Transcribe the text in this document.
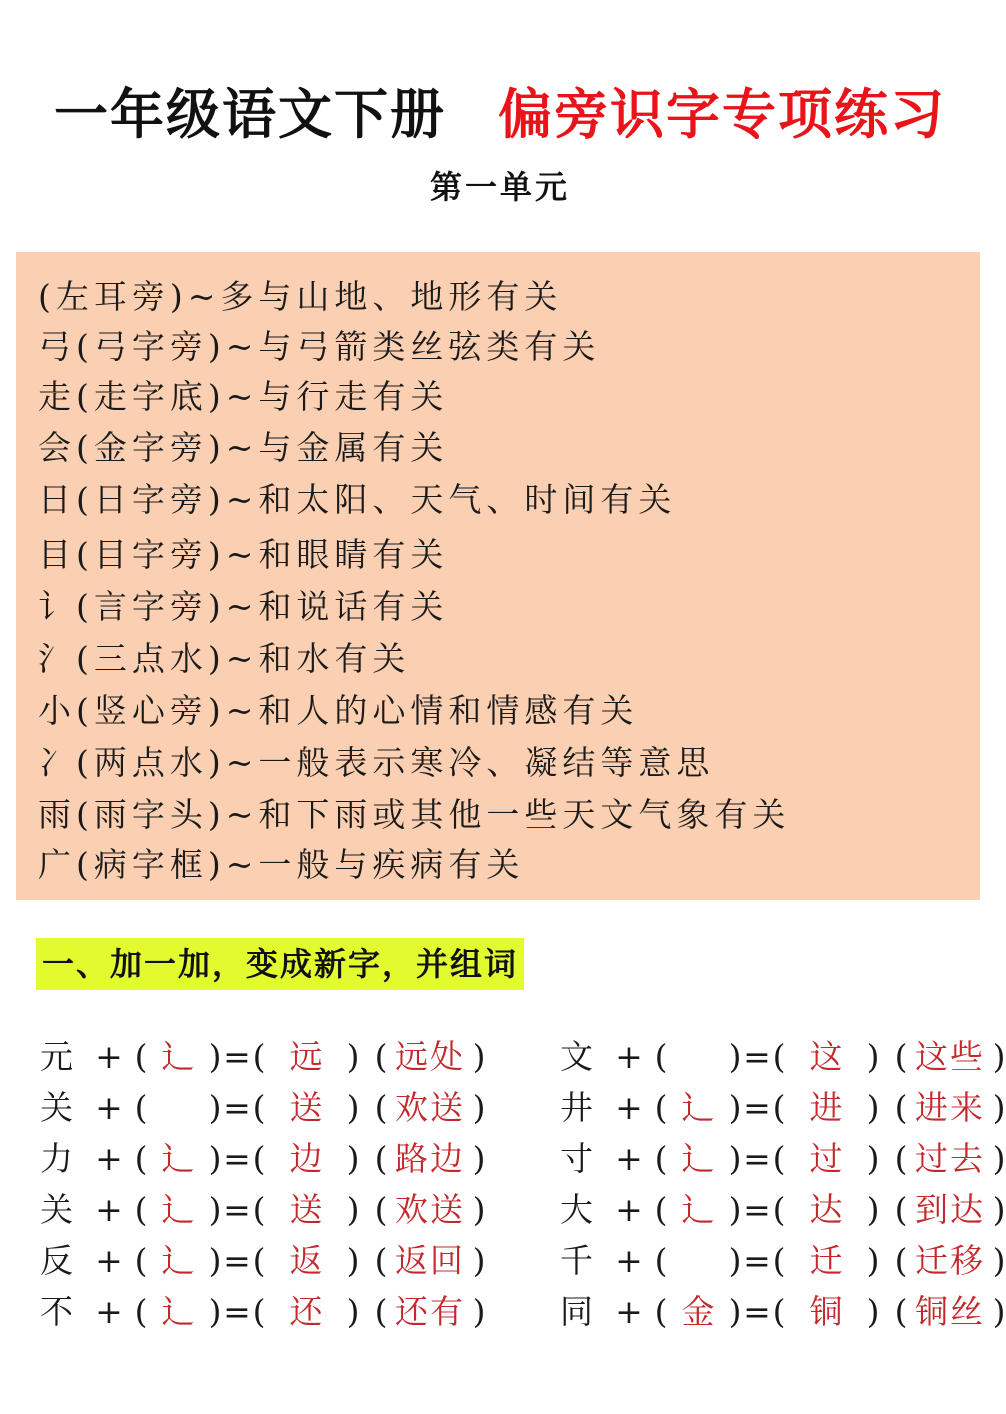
一年级语文下册 偏旁识字专项练习
第一单元
(左耳旁)~多与山地、地形有关
弓(弓字旁)~与弓箭类丝弦类有关
走(走字底)~与行走有关
会(金字旁)~与金属有关
日(日字旁)~和太阳、天气、时间有关
目(目字旁)~和眼睛有关
讠(言字旁)~和说话有关
氵(三点水)~和水有关
小(竖心旁)~和人的心情和情感有关
冫(两点水)~一般表示寒冷、凝结等意思
雨(雨字头)~和下雨或其他一些天文气象有关
广(病字框)~一般与疾病有关
一、加一加，变成新字，并组词
元 + ( 辶 )=( 远 ) ( 远处 )
关 + ( )=( 送 ) ( 欢送 )
力 + ( 辶 )=( 边 ) ( 路边 )
关 + ( 辶 )=( 送 ) ( 欢送 )
反 + ( 辶 )=( 返 ) ( 返回 )
不 + ( 辶 )=( 还 ) ( 还有 )
文 + ( )=( 这 ) ( 这些 )
井 + ( 辶 )=( 进 ) ( 进来 )
寸 + ( 辶 )=( 过 ) ( 过去 )
大 + ( 辶 )=( 达 ) ( 到达 )
千 + ( )=( 迁 ) ( 迁移 )
同 + ( 金 )=( 铜 ) ( 铜丝 )
